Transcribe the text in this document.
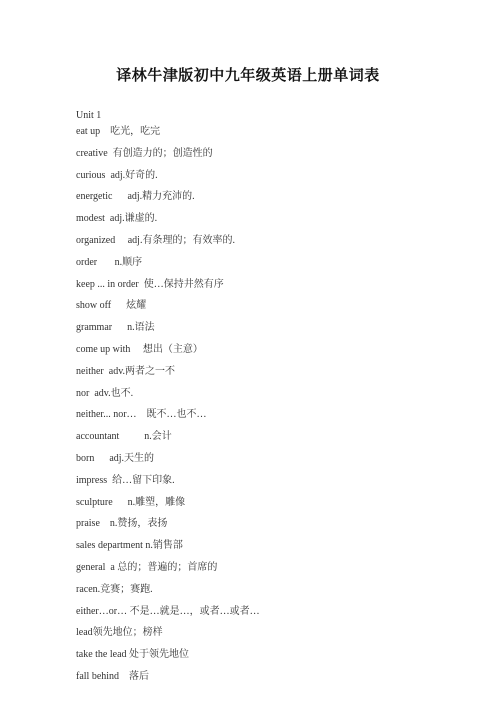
译林牛津版初中九年级英语上册单词表
Unit 1
eat up    吃光，吃完
creative  有创造力的；创造性的
curious  adj.好奇的.
energetic      adj.精力充沛的.
modest  adj.谦虚的.
organized     adj.有条理的；有效率的.
order       n.顺序
keep ... in order  使…保持井然有序
show off      炫耀
grammar      n.语法
come up with     想出（主意）
neither  adv.两者之一不
nor  adv.也不.
neither... nor…    既不…也不…
accountant          n.会计
born      adj.天生的
impress  给…留下印象.
sculpture      n.雕塑，雕像
praise    n.赞扬，表扬
sales department n.销售部
general  a 总的；普遍的；首席的
racen.竞赛；赛跑.
either…or… 不是…就是…，或者…或者…
lead领先地位；榜样
take the lead 处于领先地位
fall behind    落后
